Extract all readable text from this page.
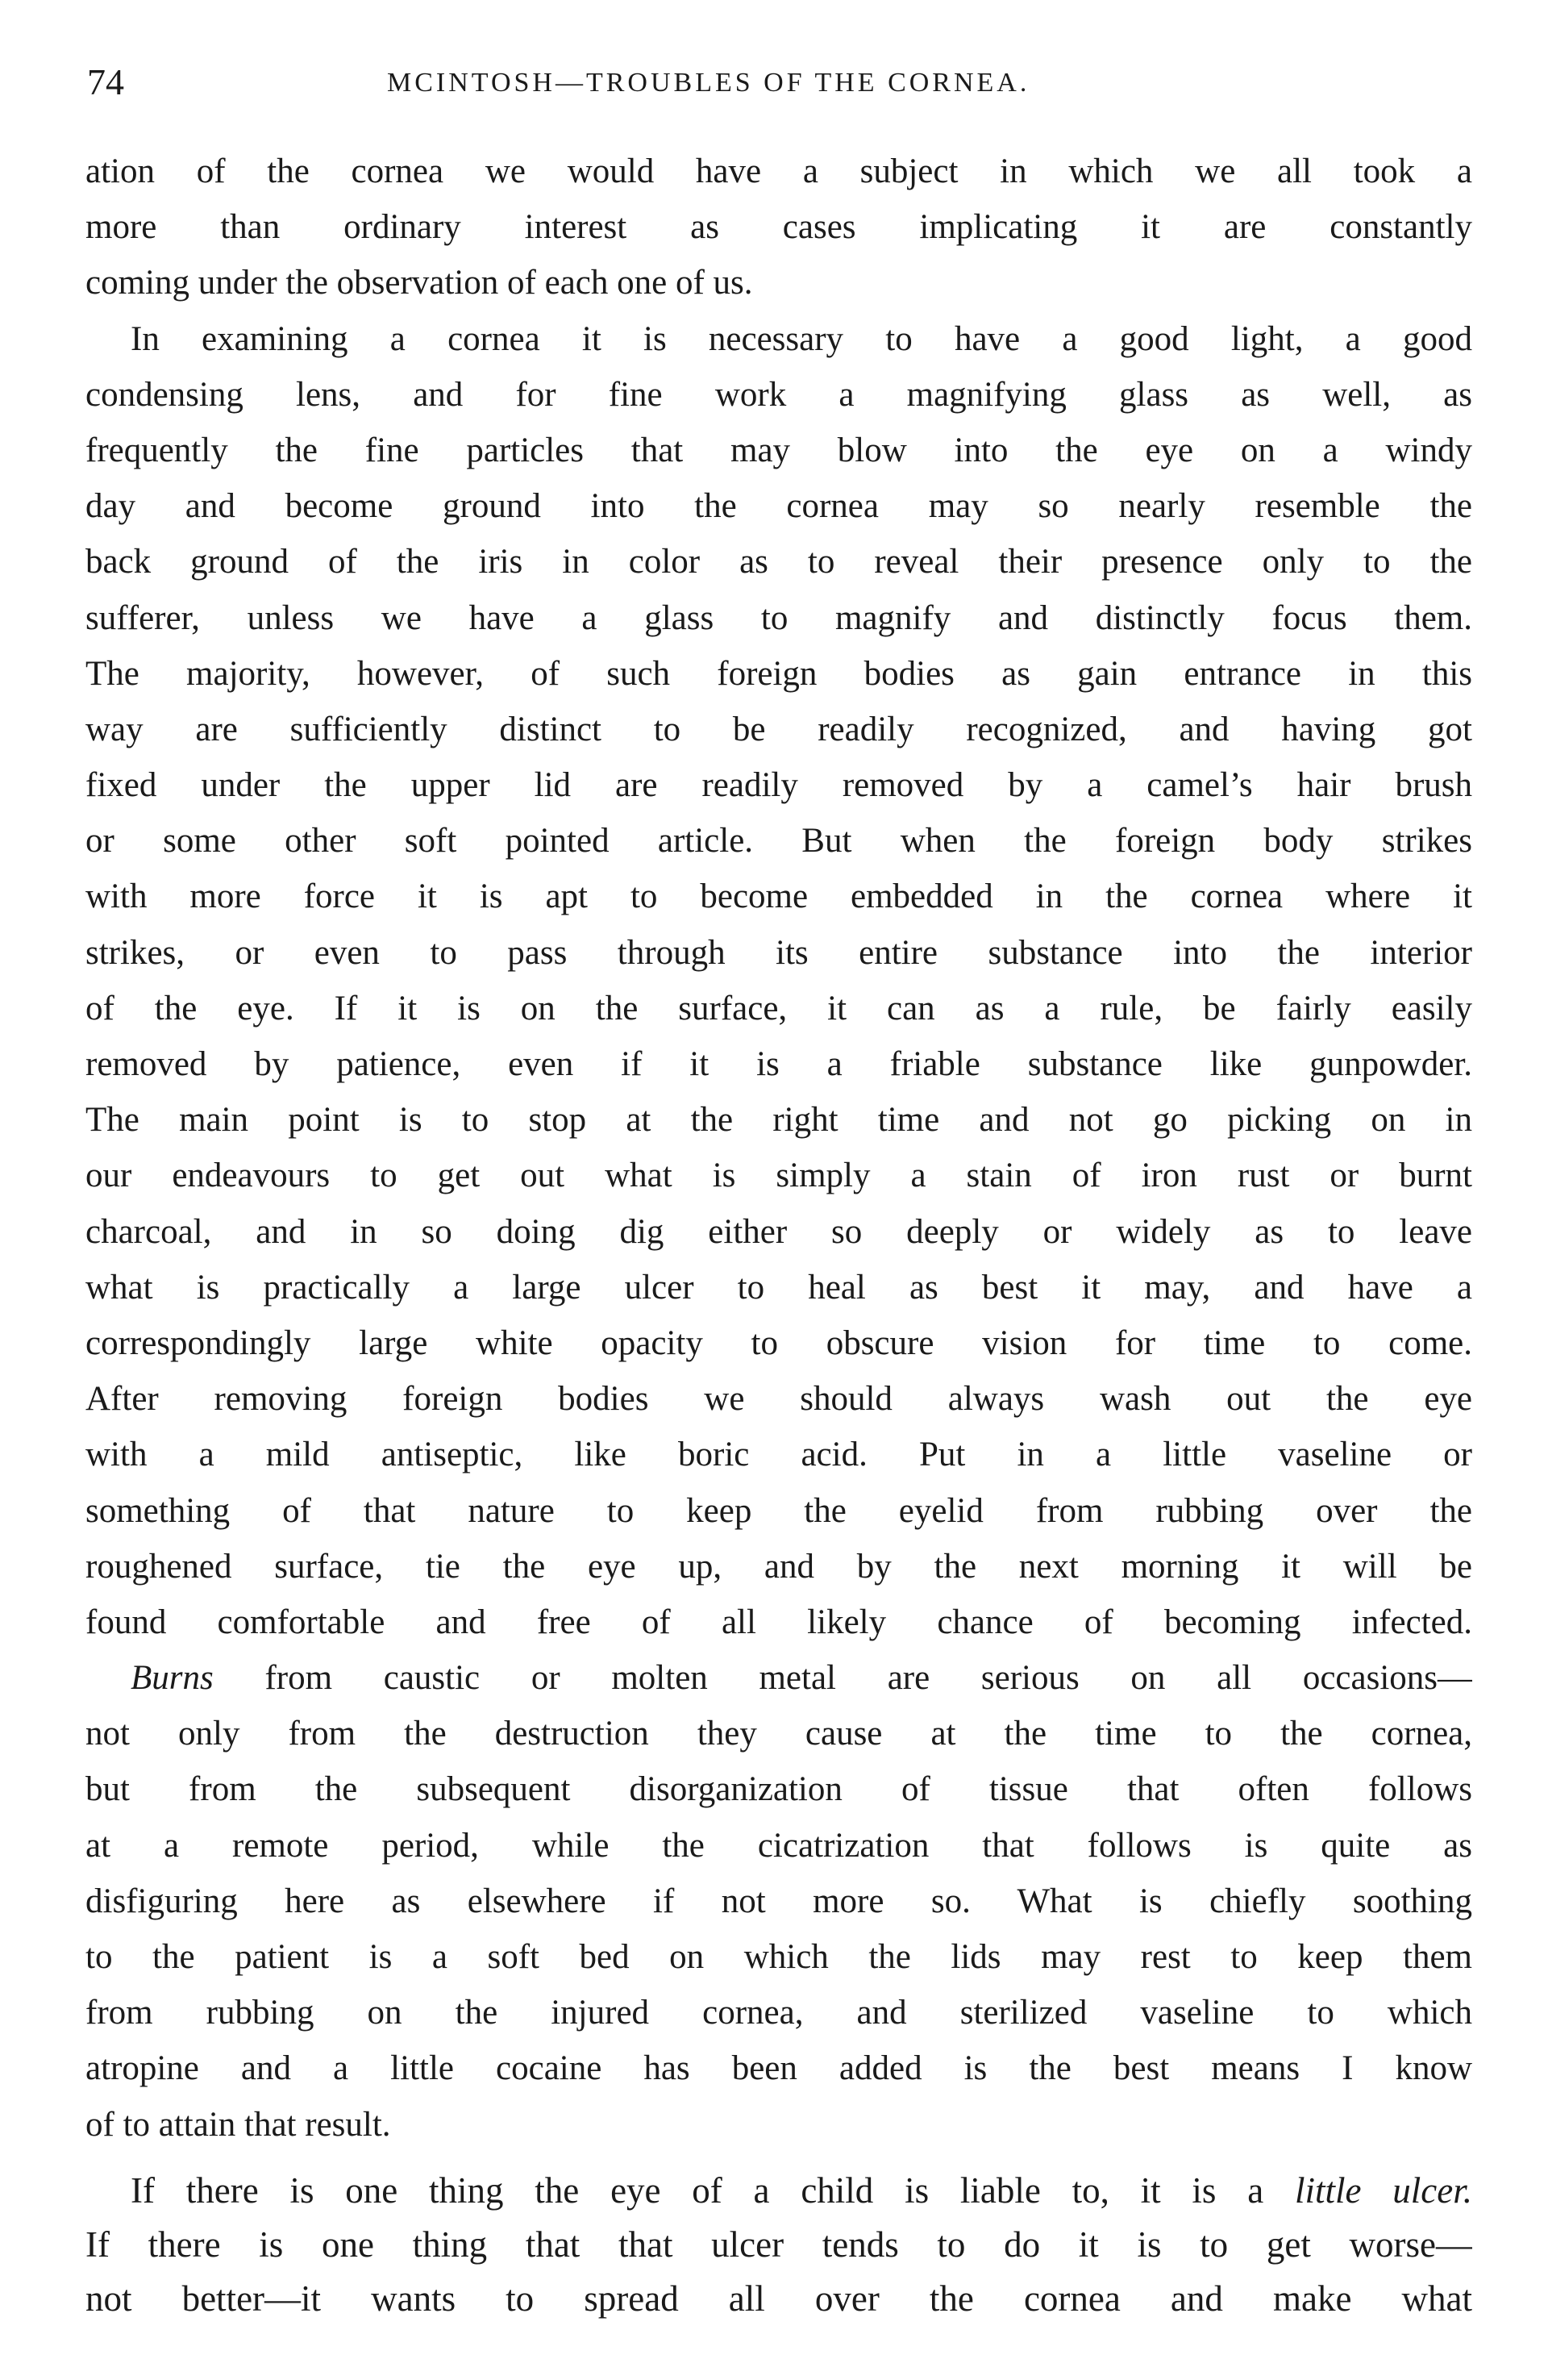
74	MCINTOSH—TROUBLES OF THE CORNEA.
ation of the cornea we would have a subject in which we all took a
more than ordinary interest as cases implicating it are constantly
coming under the observation of each one of us.
In examining a cornea it is necessary to have a good light, a good
condensing lens, and for fine work a magnifying glass as well, as
frequently the fine particles that may blow into the eye on a windy
day and become ground into the cornea may so nearly resemble the
back ground of the iris in color as to reveal their presence only to the
sufferer, unless we have a glass to magnify and distinctly focus them.
The majority, however, of such foreign bodies as gain entrance in this
way are sufficiently distinct to be readily recognized, and having got
fixed under the upper lid are readily removed by a camel’s hair brush
or some other soft pointed article. But when the foreign body strikes
with more force it is apt to become embedded in the cornea where it
strikes, or even to pass through its entire substance into the interior
of the eye. If it is on the surface, it can as a rule, be fairly easily
removed by patience, even if it is a friable substance like gunpowder.
The main point is to stop at the right time and not go picking on in
our endeavours to get out what is simply a stain of iron rust or burnt
charcoal, and in so doing dig either so deeply or widely as to leave
what is practically a large ulcer to heal as best it may, and have a
correspondingly large white opacity to obscure vision for time to come.
After removing foreign bodies we should always wash out the eye
with a mild antiseptic, like boric acid. Put in a little vaseline or
something of that nature to keep the eyelid from rubbing over the
roughened surface, tie the eye up, and by the next morning it will be
found comfortable and free of all likely chance of becoming infected.
Burns from caustic or molten metal are serious on all occasions—
not only from the destruction they cause at the time to the cornea,
but from the subsequent disorganization of tissue that often follows
at a remote period, while the cicatrization that follows is quite as
disfiguring here as elsewhere if not more so. What is chiefly soothing
to the patient is a soft bed on which the lids may rest to keep them
from rubbing on the injured cornea, and sterilized vaseline to which
atropine and a little cocaine has been added is the best means I know
of to attain that result.
If there is one thing the eye of a child is liable to, it is a little ulcer.
If there is one thing that that ulcer tends to do it is to get worse—
not better—it wants to spread all over the cornea and make what
